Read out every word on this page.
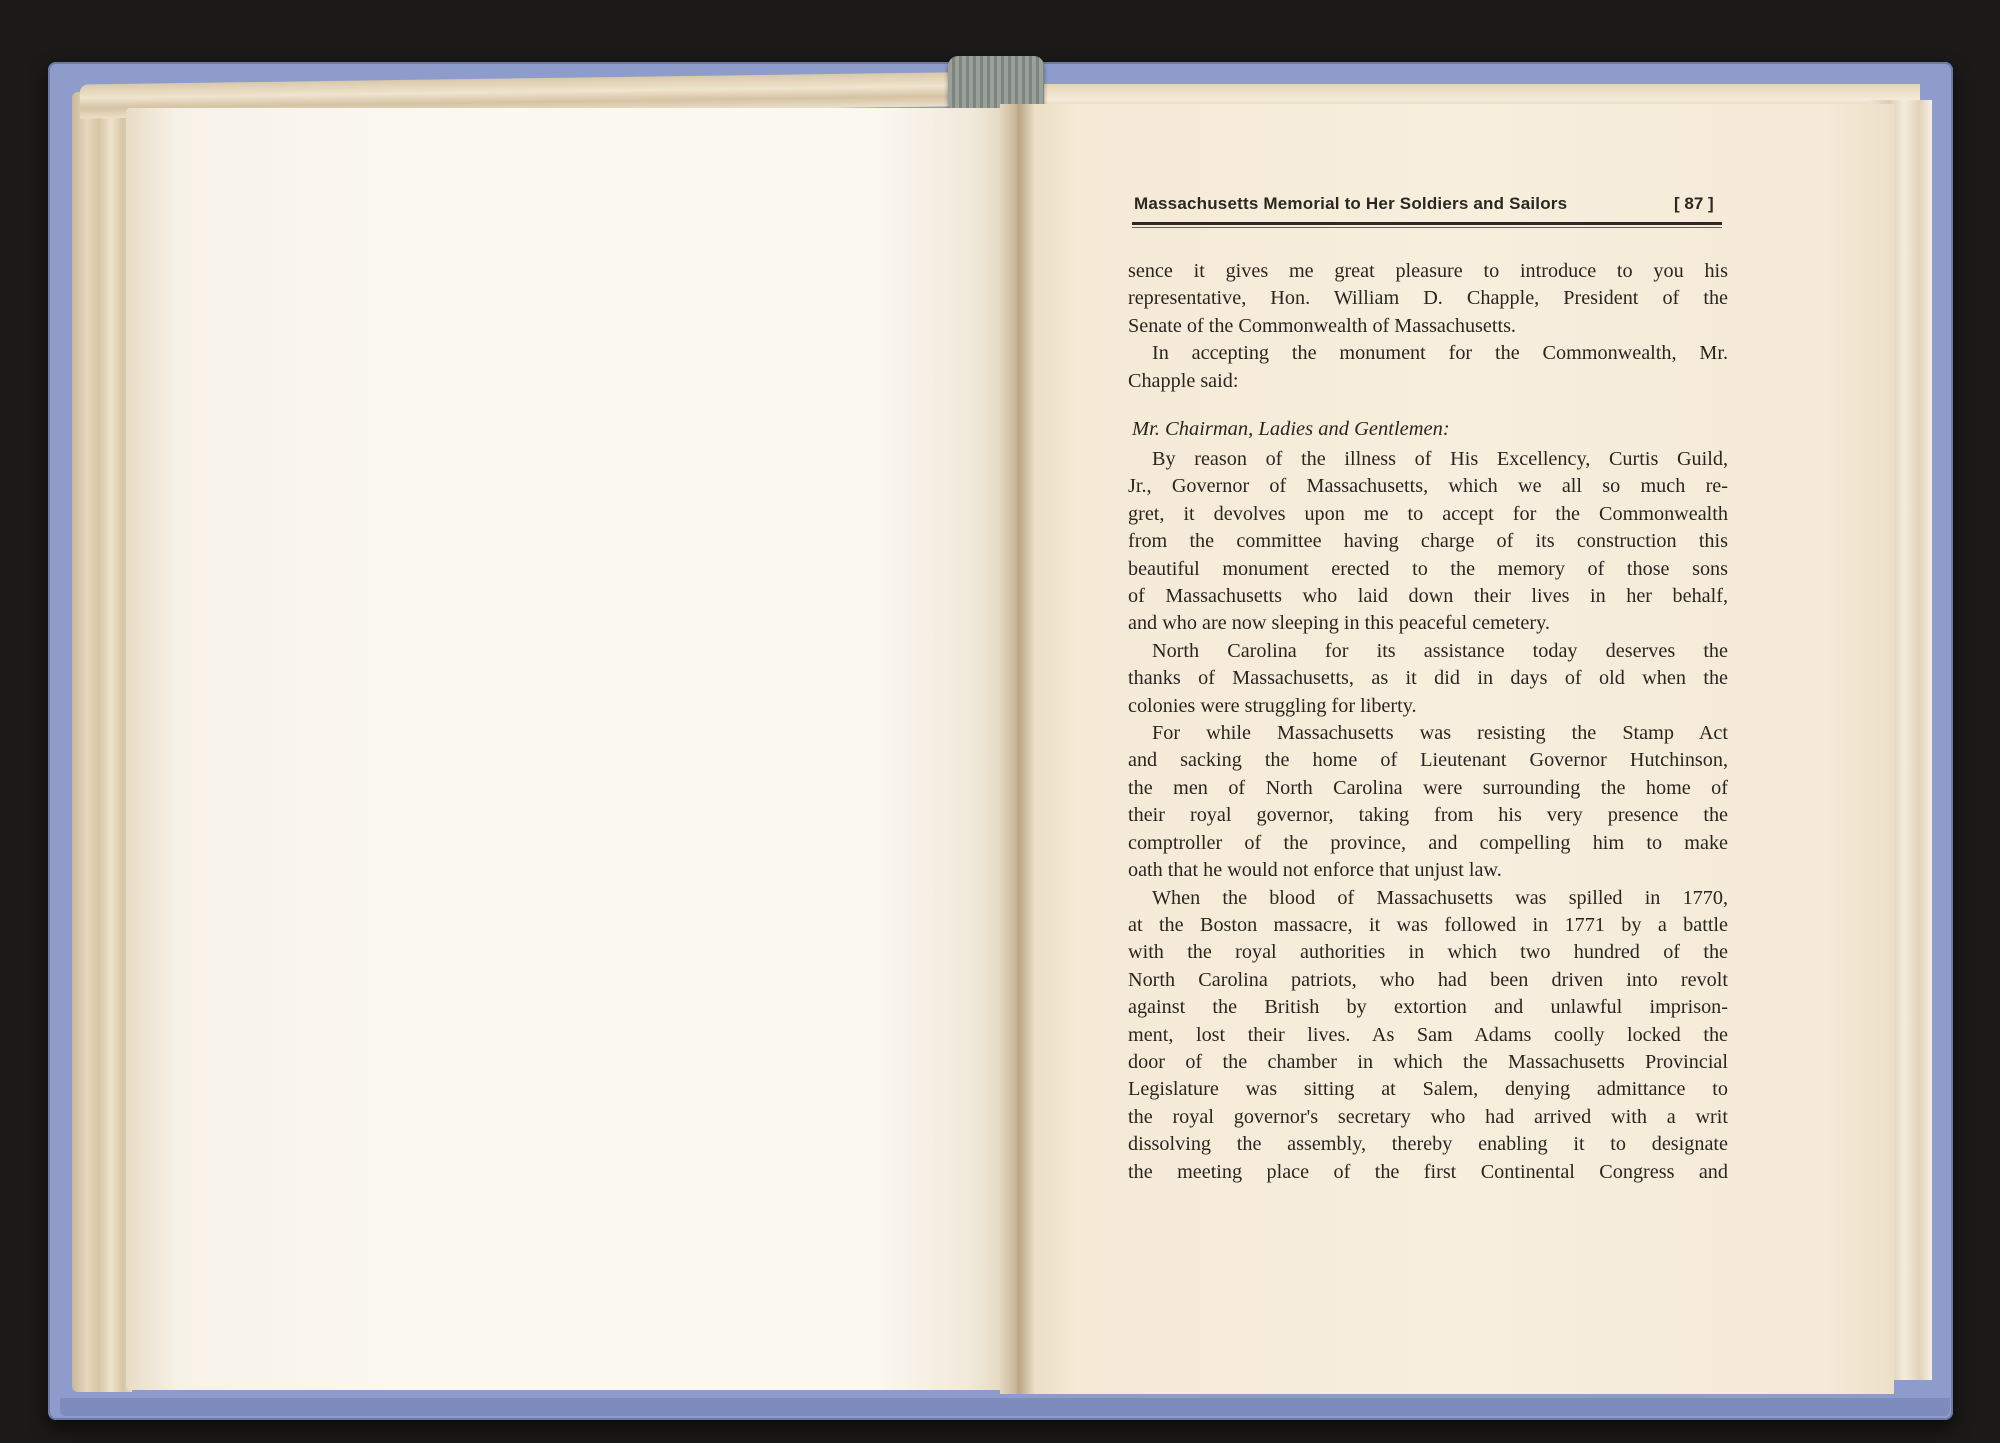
Massachusetts Memorial to Her Soldiers and Sailors	[ 87 ]
sence it gives me great pleasure to introduce to you his
representative, Hon. William D. Chapple, President of the
Senate of the Commonwealth of Massachusetts.
In accepting the monument for the Commonwealth, Mr.
Chapple said:
Mr. Chairman, Ladies and Gentlemen:
By reason of the illness of His Excellency, Curtis Guild,
Jr., Governor of Massachusetts, which we all so much re-
gret, it devolves upon me to accept for the Commonwealth
from the committee having charge of its construction this
beautiful monument erected to the memory of those sons
of Massachusetts who laid down their lives in her behalf,
and who are now sleeping in this peaceful cemetery.
North Carolina for its assistance today deserves the
thanks of Massachusetts, as it did in days of old when the
colonies were struggling for liberty.
For while Massachusetts was resisting the Stamp Act
and sacking the home of Lieutenant Governor Hutchinson,
the men of North Carolina were surrounding the home of
their royal governor, taking from his very presence the
comptroller of the province, and compelling him to make
oath that he would not enforce that unjust law.
When the blood of Massachusetts was spilled in 1770,
at the Boston massacre, it was followed in 1771 by a battle
with the royal authorities in which two hundred of the
North Carolina patriots, who had been driven into revolt
against the British by extortion and unlawful imprison-
ment, lost their lives. As Sam Adams coolly locked the
door of the chamber in which the Massachusetts Provincial
Legislature was sitting at Salem, denying admittance to
the royal governor's secretary who had arrived with a writ
dissolving the assembly, thereby enabling it to designate
the meeting place of the first Continental Congress and
